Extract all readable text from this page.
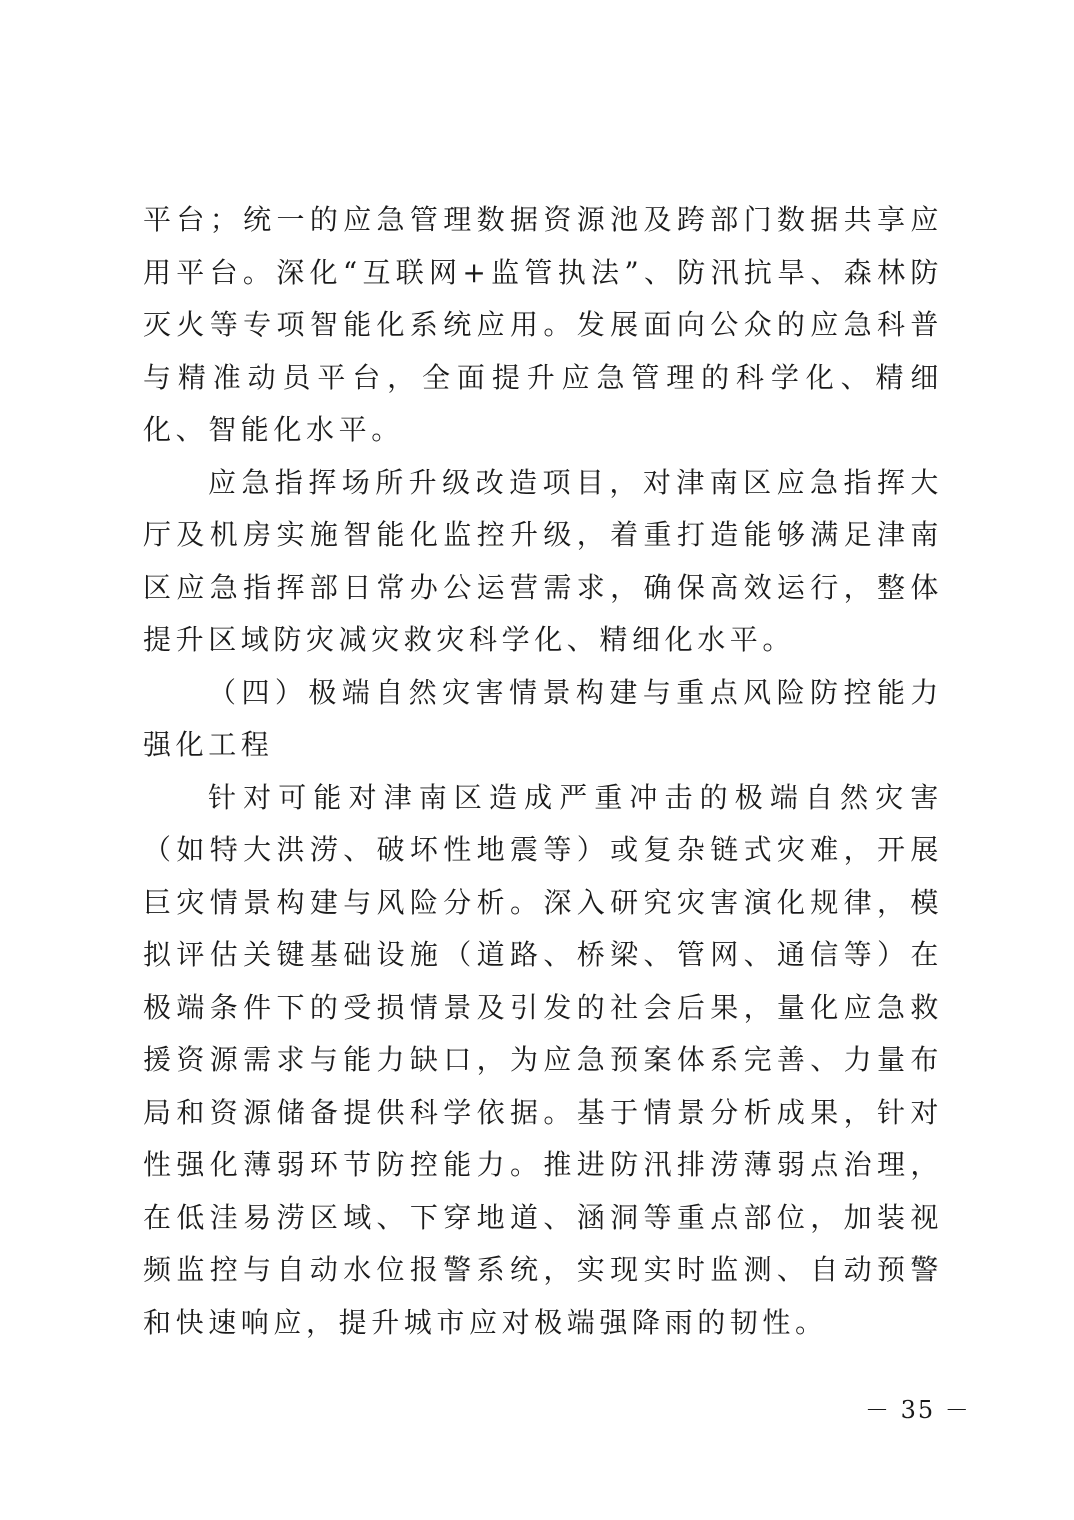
平台；统一的应急管理数据资源池及跨部门数据共享应用平台。深化“互联网+监管执法”、防汛抗旱、森林防灭火等专项智能化系统应用。发展面向公众的应急科普与精准动员平台，全面提升应急管理的科学化、精细化、智能化水平。

应急指挥场所升级改造项目，对津南区应急指挥大厅及机房实施智能化监控升级，着重打造能够满足津南区应急指挥部日常办公运营需求，确保高效运行，整体提升区域防灾减灾救灾科学化、精细化水平。

（四）极端自然灾害情景构建与重点风险防控能力强化工程

针对可能对津南区造成严重冲击的极端自然灾害（如特大洪涝、破坏性地震等）或复杂链式灾难，开展巨灾情景构建与风险分析。深入研究灾害演化规律，模拟评估关键基础设施（道路、桥梁、管网、通信等）在极端条件下的受损情景及引发的社会后果，量化应急救援资源需求与能力缺口，为应急预案体系完善、力量布局和资源储备提供科学依据。基于情景分析成果，针对性强化薄弱环节防控能力。推进防汛排涝薄弱点治理，在低洼易涝区域、下穿地道、涵洞等重点部位，加装视频监控与自动水位报警系统，实现实时监测、自动预警和快速响应，提升城市应对极端强降雨的韧性。

－ 35 －
